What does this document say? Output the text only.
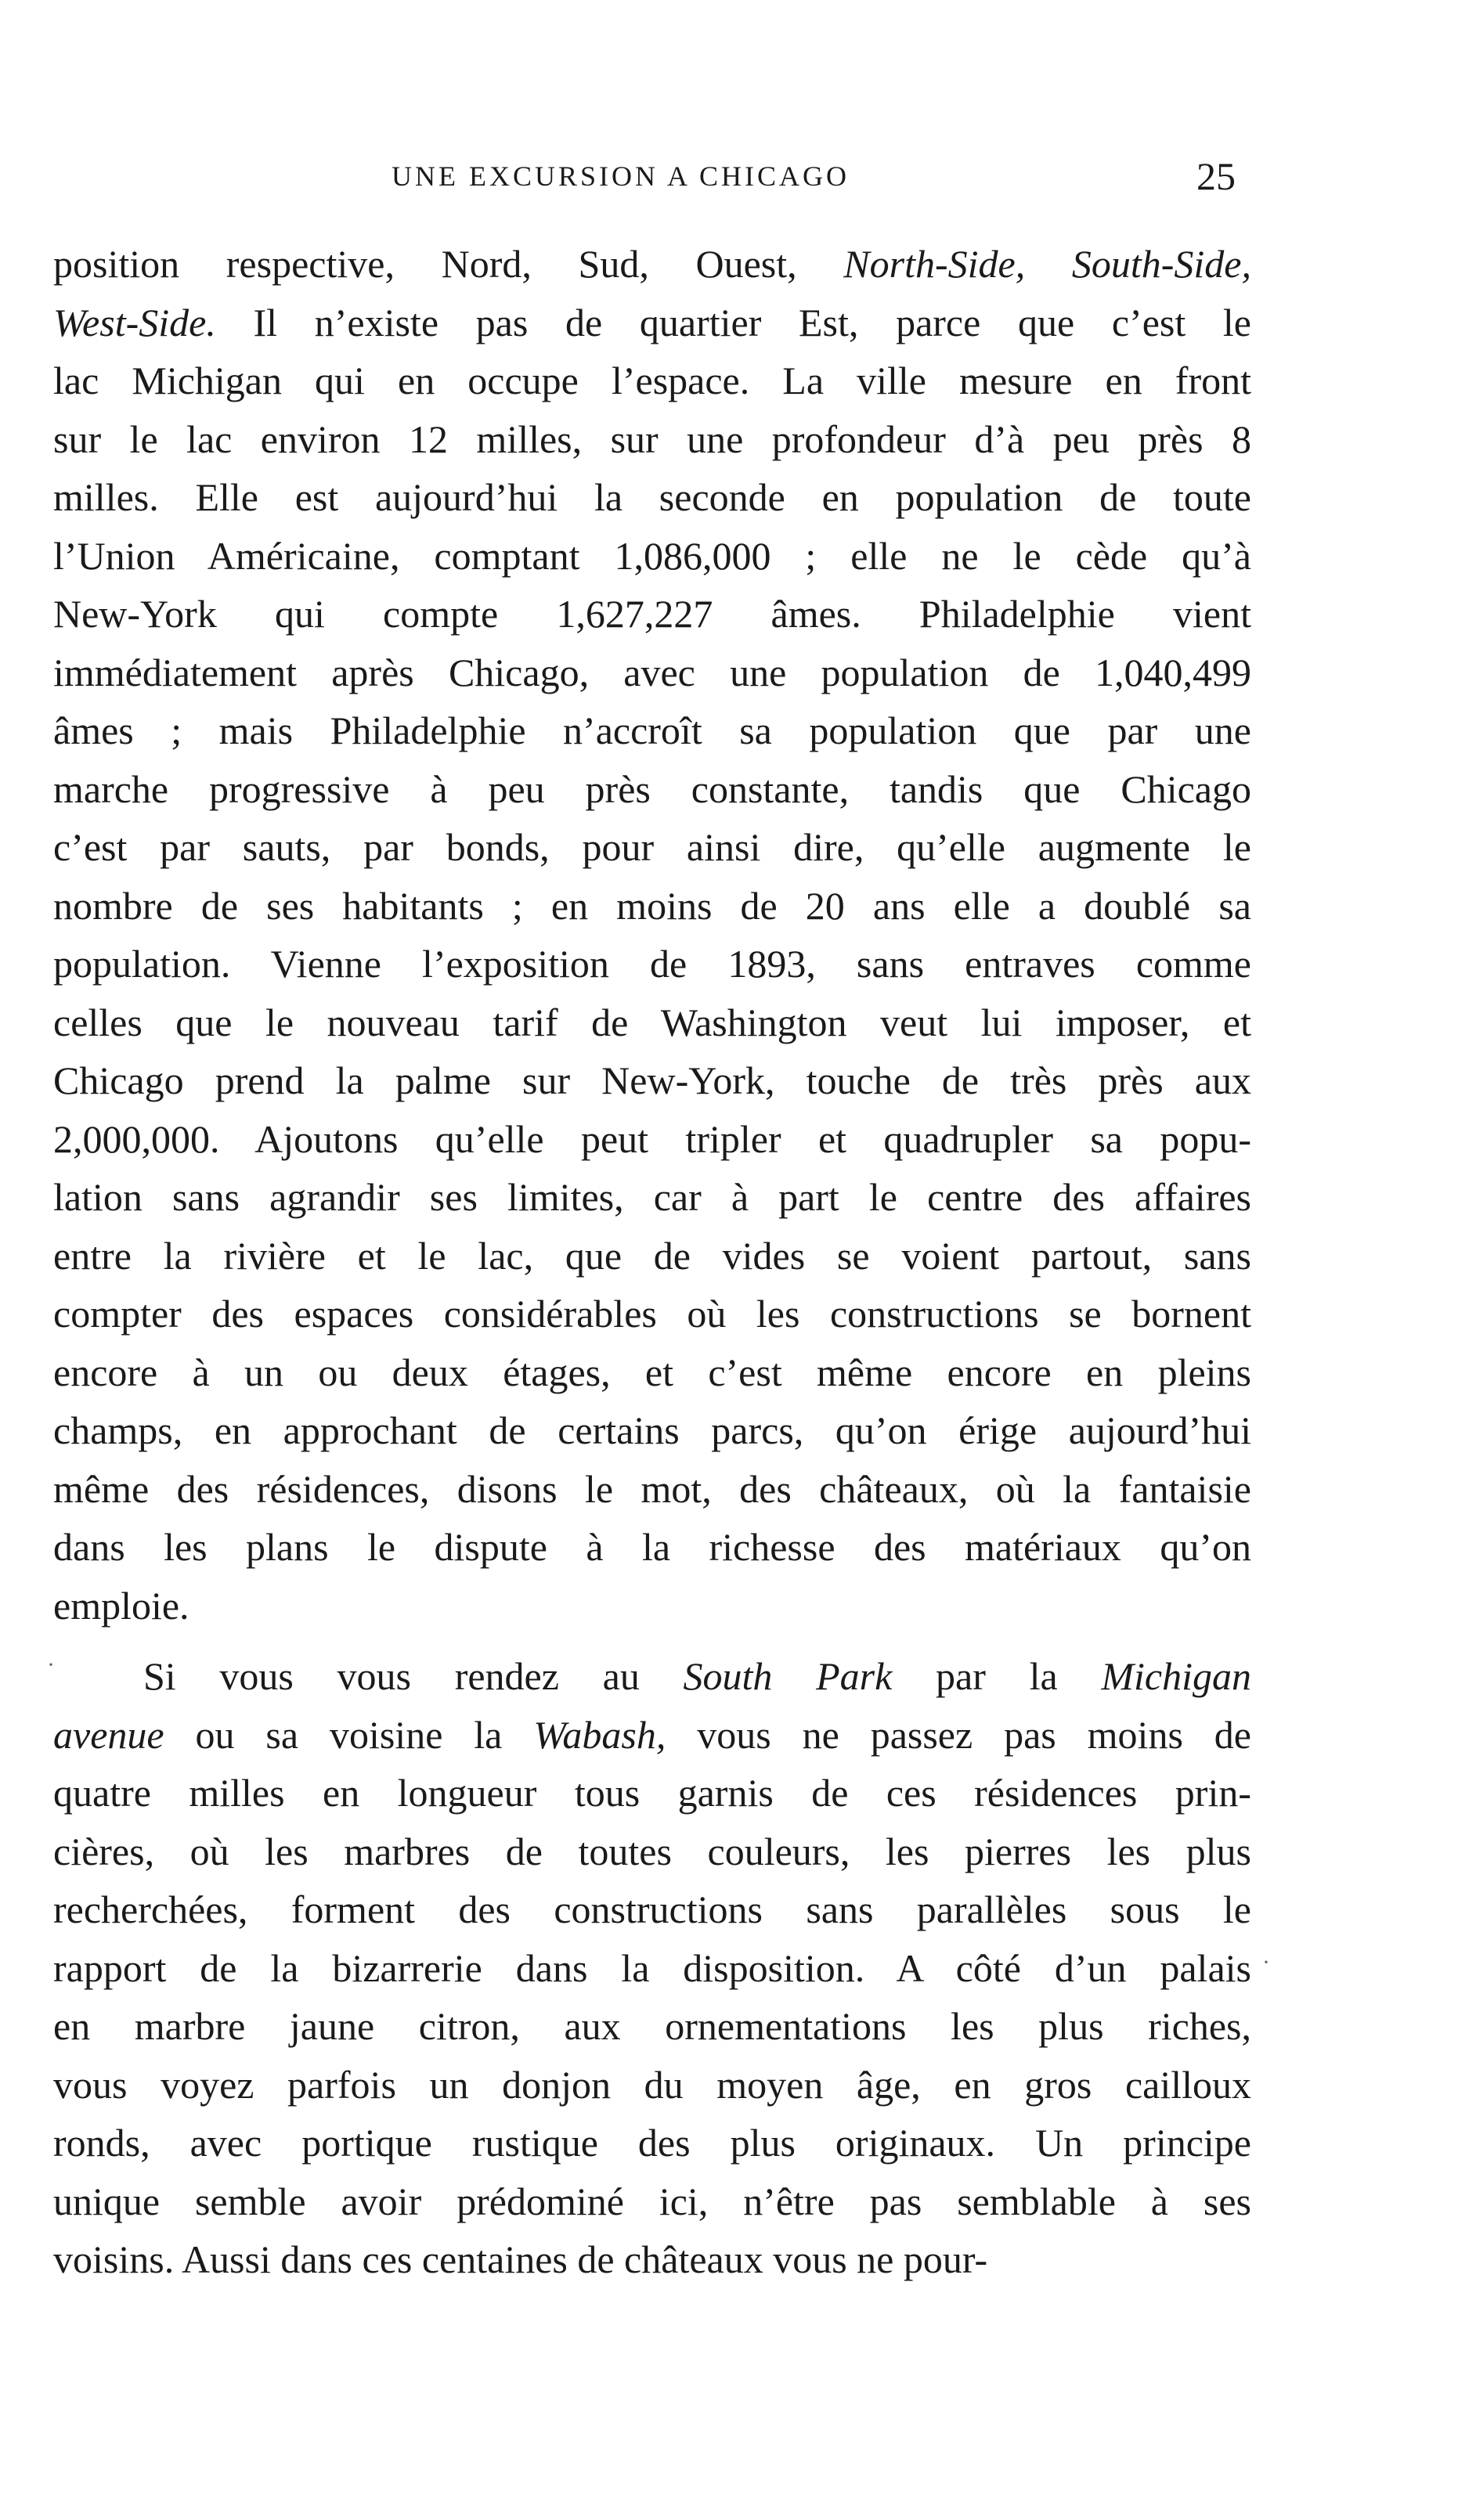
UNE EXCURSION A CHICAGO	25
position respective, Nord, Sud, Ouest, North-Side, South-Side,
West-Side. Il n’existe pas de quartier Est, parce que c’est le
lac Michigan qui en occupe l’espace. La ville mesure en front
sur le lac environ 12 milles, sur une profondeur d’à peu près 8
milles. Elle est aujourd’hui la seconde en population de toute
l’Union Américaine, comptant 1,086,000 ; elle ne le cède qu’à
New-York qui compte 1,627,227 âmes. Philadelphie vient
immédiatement après Chicago, avec une population de 1,040,499
âmes ; mais Philadelphie n’accroît sa population que par une
marche progressive à peu près constante, tandis que Chicago
c’est par sauts, par bonds, pour ainsi dire, qu’elle augmente le
nombre de ses habitants ; en moins de 20 ans elle a doublé sa
population. Vienne l’exposition de 1893, sans entraves comme
celles que le nouveau tarif de Washington veut lui imposer, et
Chicago prend la palme sur New-York, touche de très près aux
2,000,000. Ajoutons qu’elle peut tripler et quadrupler sa popu-
lation sans agrandir ses limites, car à part le centre des affaires
entre la rivière et le lac, que de vides se voient partout, sans
compter des espaces considérables où les constructions se bornent
encore à un ou deux étages, et c’est même encore en pleins
champs, en approchant de certains parcs, qu’on érige aujourd’hui
même des résidences, disons le mot, des châteaux, où la fantaisie
dans les plans le dispute à la richesse des matériaux qu’on
emploie.
Si vous vous rendez au South Park par la Michigan
avenue ou sa voisine la Wabash, vous ne passez pas moins de
quatre milles en longueur tous garnis de ces résidences prin-
cières, où les marbres de toutes couleurs, les pierres les plus
recherchées, forment des constructions sans parallèles sous le
rapport de la bizarrerie dans la disposition. A côté d’un palais
en marbre jaune citron, aux ornementations les plus riches,
vous voyez parfois un donjon du moyen âge, en gros cailloux
ronds, avec portique rustique des plus originaux. Un principe
unique semble avoir prédominé ici, n’être pas semblable à ses
voisins. Aussi dans ces centaines de châteaux vous ne pour-
·
·
